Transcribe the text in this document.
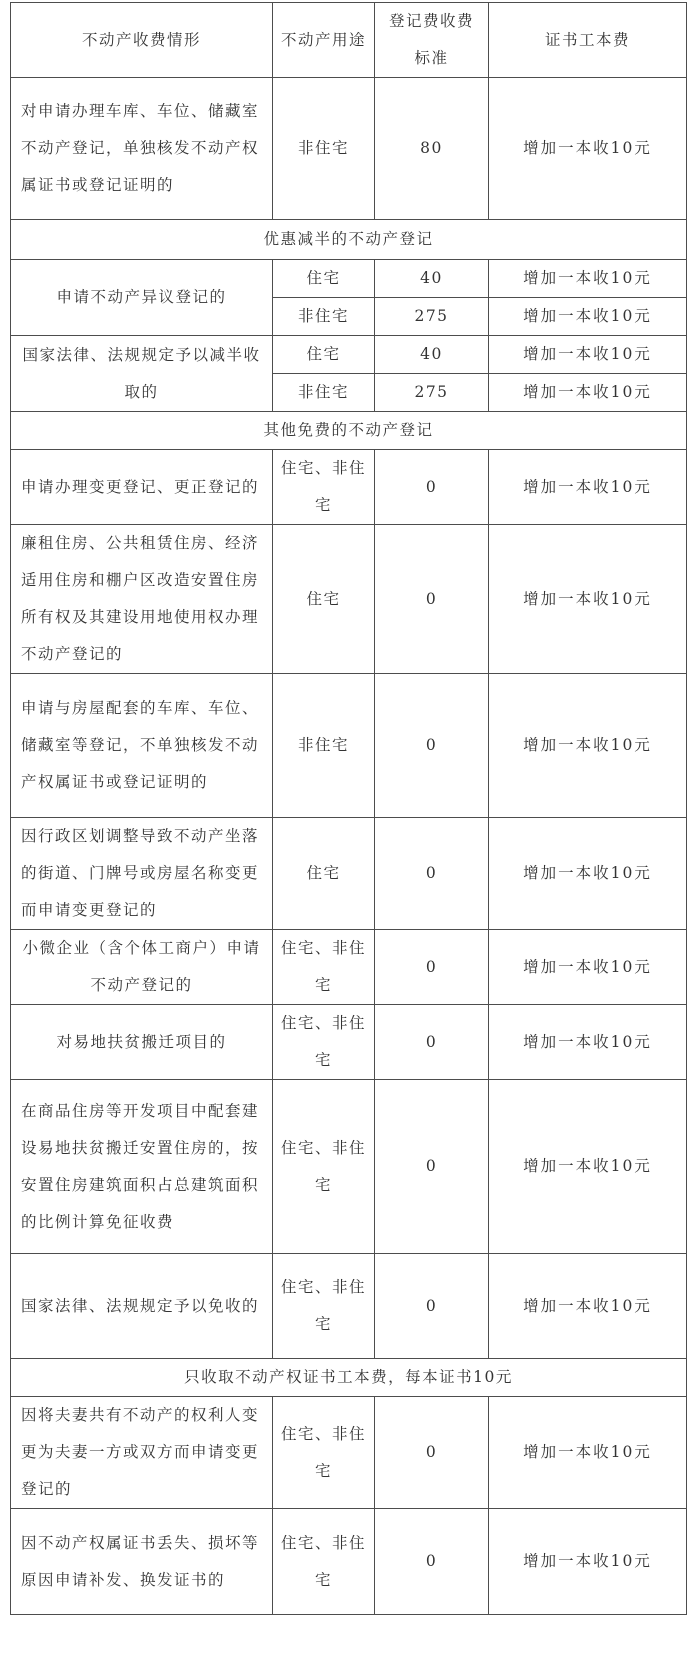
不动产收费情形	不动产用途	登记费收费标准	证书工本费
对申请办理车库、车位、储藏室不动产登记，单独核发不动产权属证书或登记证明的	非住宅	80	增加一本收10元
优惠减半的不动产登记			
申请不动产异议登记的	住宅	40	增加一本收10元
	非住宅	275	增加一本收10元
国家法律、法规规定予以减半收取的	住宅	40	增加一本收10元
	非住宅	275	增加一本收10元
其他免费的不动产登记			
申请办理变更登记、更正登记的	住宅、非住宅	0	增加一本收10元
廉租住房、公共租赁住房、经济适用住房和棚户区改造安置住房所有权及其建设用地使用权办理不动产登记的	住宅	0	增加一本收10元
申请与房屋配套的车库、车位、储藏室等登记，不单独核发不动产权属证书或登记证明的	非住宅	0	增加一本收10元
因行政区划调整导致不动产坐落的街道、门牌号或房屋名称变更而申请变更登记的	住宅	0	增加一本收10元
小微企业（含个体工商户）申请不动产登记的	住宅、非住宅	0	增加一本收10元
对易地扶贫搬迁项目的	住宅、非住宅	0	增加一本收10元
在商品住房等开发项目中配套建设易地扶贫搬迁安置住房的，按安置住房建筑面积占总建筑面积的比例计算免征收费	住宅、非住宅	0	增加一本收10元
国家法律、法规规定予以免收的	住宅、非住宅	0	增加一本收10元
只收取不动产权证书工本费，每本证书10元			
因将夫妻共有不动产的权利人变更为夫妻一方或双方而申请变更登记的	住宅、非住宅	0	增加一本收10元
因不动产权属证书丢失、损坏等原因申请补发、换发证书的	住宅、非住宅	0	增加一本收10元
